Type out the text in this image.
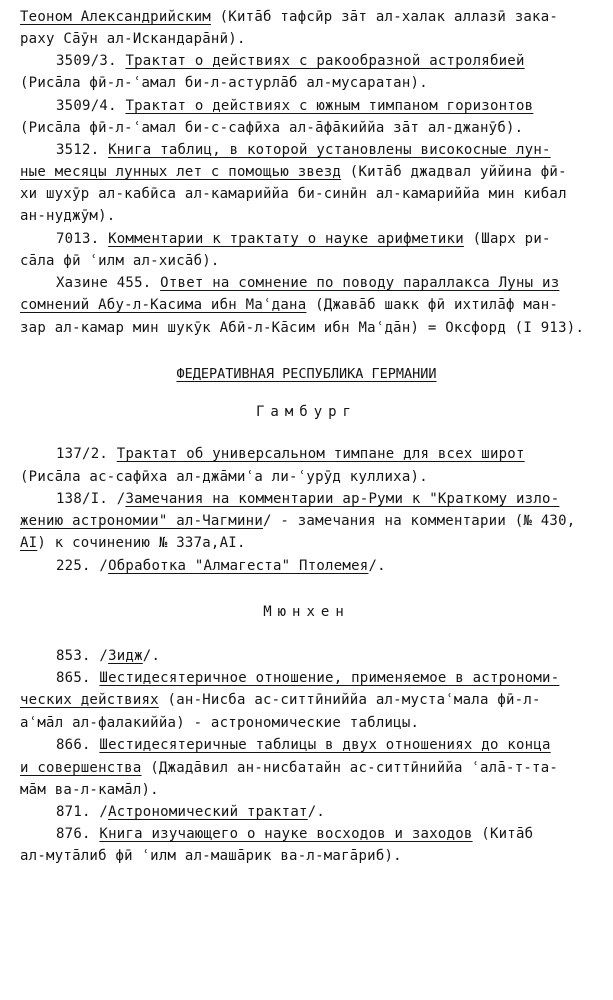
Теоном Александрийским (Китāб тафсӣр зāт ал-халак аллазӣ зака-
раху Сāӯн ал-Искандарāнӣ).
3509/3. Трактат о действиях с ракообразной астролябией
(Рисāла фӣ-л-ʿамал би-л-астурлāб ал-мусаратан).
3509/4. Трактат о действиях с южным тимпаном горизонтов
(Рисāла фӣ-л-ʿамал би-с-сафӣха ал-āфāкиййа зāт ал-джанӯб).
3512. Книга таблиц, в которой установлены високосные лун-
ные месяцы лунных лет с помощью звезд (Китāб джадвал уййина фӣ-
хи шухӯр ал-кабӣса ал-камариййа би-синӣн ал-камариййа мин кибал
ан-нуджӯм).
7013. Комментарии к трактату о науке арифметики (Шарх ри-
сāла фӣ ʿилм ал-хисāб).
Хазине 455. Ответ на сомнение по поводу параллакса Луны из
сомнений Абу-л-Касима ибн Маʿдана (Джавāб шакк фӣ ихтилāф ман-
зар ал-камар мин шукӯк Абӣ-л-Кāсим ибн Маʿдāн) = Оксфорд (I 913).
ФЕДЕРАТИВНАЯ РЕСПУБЛИКА ГЕРМАНИИ
Гамбург
137/2. Трактат об универсальном тимпане для всех широт
(Рисāла ас-сафӣха ал-джāмиʿа ли-ʿурӯд куллиха).
138/I. /Замечания на комментарии ар-Руми к "Краткому изло-
жению астрономии" ал-Чагмини/ - замечания на комментарии (№ 430,
AI) к сочинению № 337а,AI.
225. /Обработка "Алмагеста" Птолемея/.
Мюнхен
853. /Зидж/.
865. Шестидесятеричное отношение, применяемое в астрономи-
ческих действиях (ан-Нисба ас-ситтӣниййа ал-мустаʿмала фӣ-л-
аʿмāл ал-фалакиййа) - астрономические таблицы.
866. Шестидесятеричные таблицы в двух отношениях до конца
и совершенства (Джадāвил ан-нисбатайн ас-ситтӣниййа ʿалā-т-та-
мāм ва-л-камāл).
871. /Астрономический трактат/.
876. Книга изучающего о науке восходов и заходов (Китāб
ал-мутāлиб фӣ ʿилм ал-машāрик ва-л-магāриб).
